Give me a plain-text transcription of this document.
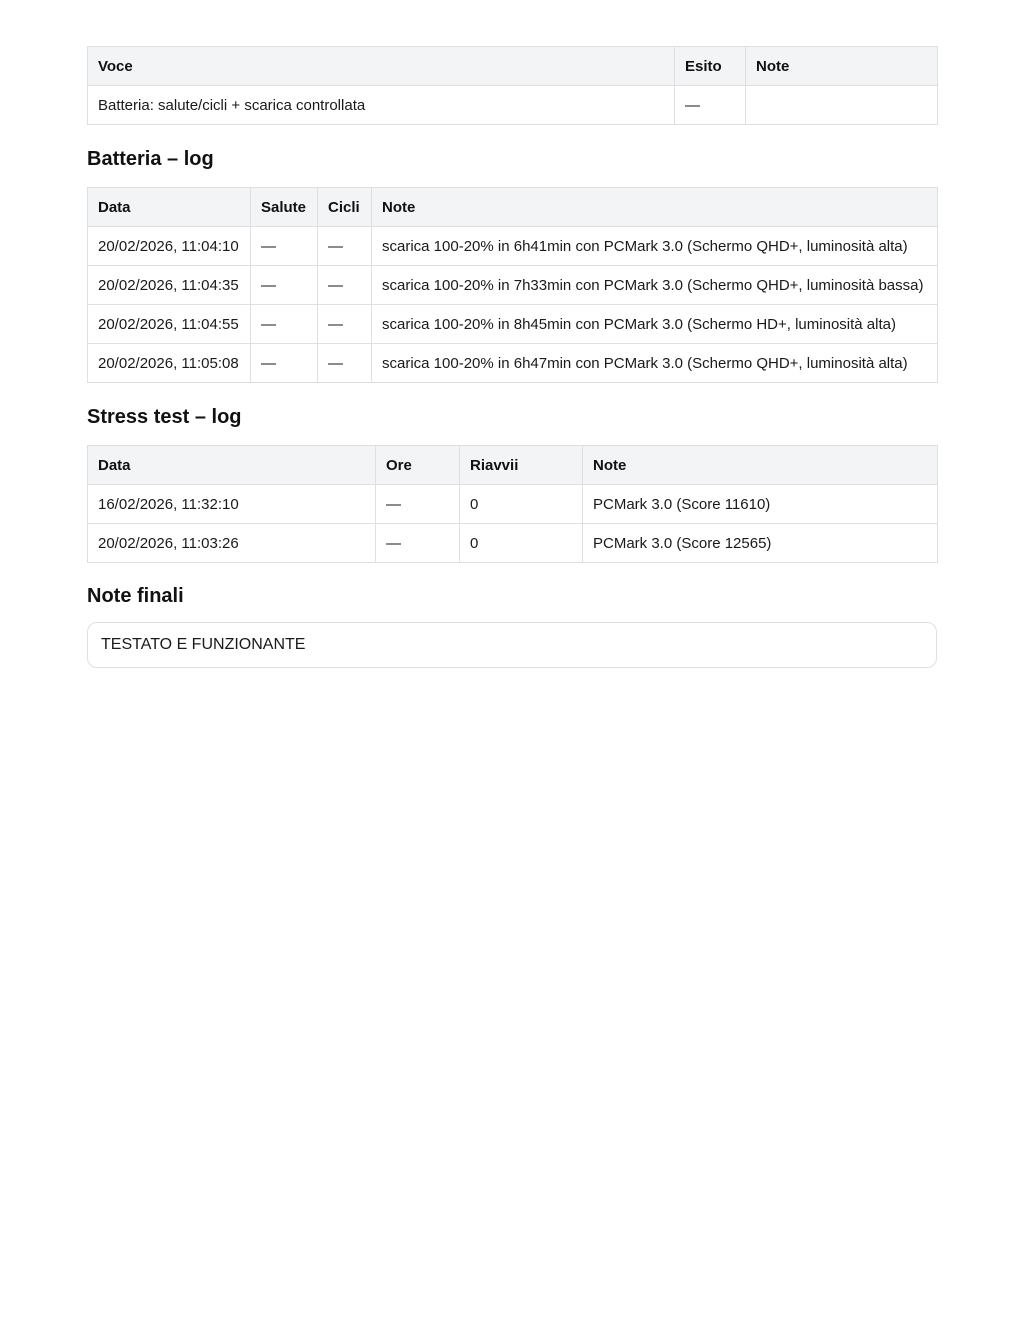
Voce	Esito	Note
Batteria: salute/cicli + scarica controllata	—	
Batteria – log
Data	Salute	Cicli	Note
20/02/2026, 11:04:10	—	—	scarica 100-20% in 6h41min con PCMark 3.0 (Schermo QHD+, luminosità alta)
20/02/2026, 11:04:35	—	—	scarica 100-20% in 7h33min con PCMark 3.0 (Schermo QHD+, luminosità bassa)
20/02/2026, 11:04:55	—	—	scarica 100-20% in 8h45min con PCMark 3.0 (Schermo HD+, luminosità alta)
20/02/2026, 11:05:08	—	—	scarica 100-20% in 6h47min con PCMark 3.0 (Schermo QHD+, luminosità alta)
Stress test – log
Data	Ore	Riavvii	Note
16/02/2026, 11:32:10	—	0	PCMark 3.0 (Score 11610)
20/02/2026, 11:03:26	—	0	PCMark 3.0 (Score 12565)
Note finali
TESTATO E FUNZIONANTE
